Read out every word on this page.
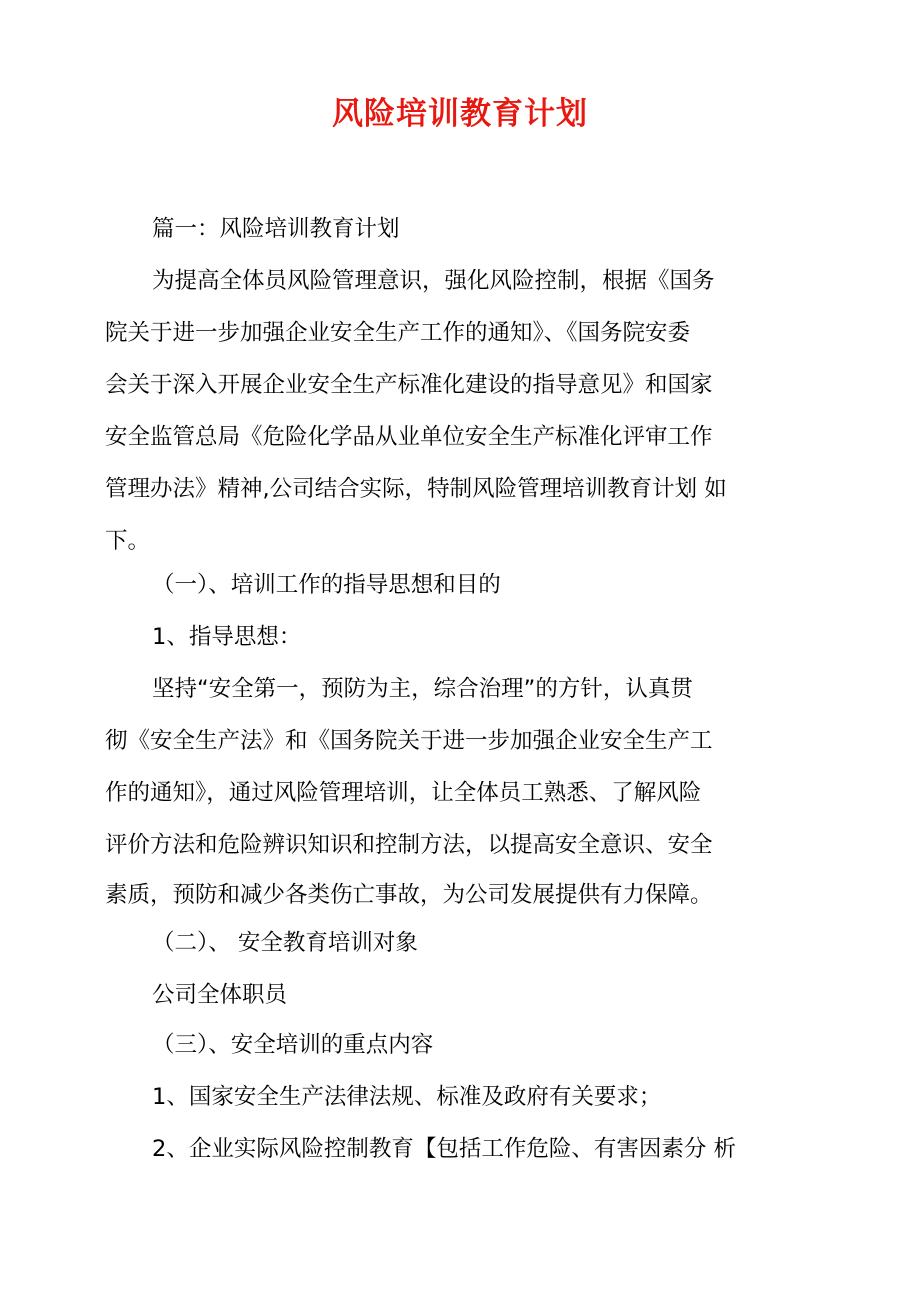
风险培训教育计划
篇一：风险培训教育计划
为提高全体员风险管理意识，强化风险控制，根据《国务
院关于进一步加强企业安全生产工作的通知》、《国务院安委
会关于深入开展企业安全生产标准化建设的指导意见》和国家
安全监管总局《危险化学品从业单位安全生产标准化评审工作
管理办法》精神,公司结合实际，特制风险管理培训教育计划 如
下。
（一）、培训工作的指导思想和目的
1、指导思想：
坚持“安全第一，预防为主，综合治理”的方针，认真贯
彻《安全生产法》和《国务院关于进一步加强企业安全生产工
作的通知》，通过风险管理培训，让全体员工熟悉、了解风险
评价方法和危险辨识知识和控制方法，以提高安全意识、安全
素质，预防和减少各类伤亡事故，为公司发展提供有力保障。
（二）、 安全教育培训对象
公司全体职员
（三）、安全培训的重点内容
1、国家安全生产法律法规、标准及政府有关要求；
2、企业实际风险控制教育【包括工作危险、有害因素分 析
